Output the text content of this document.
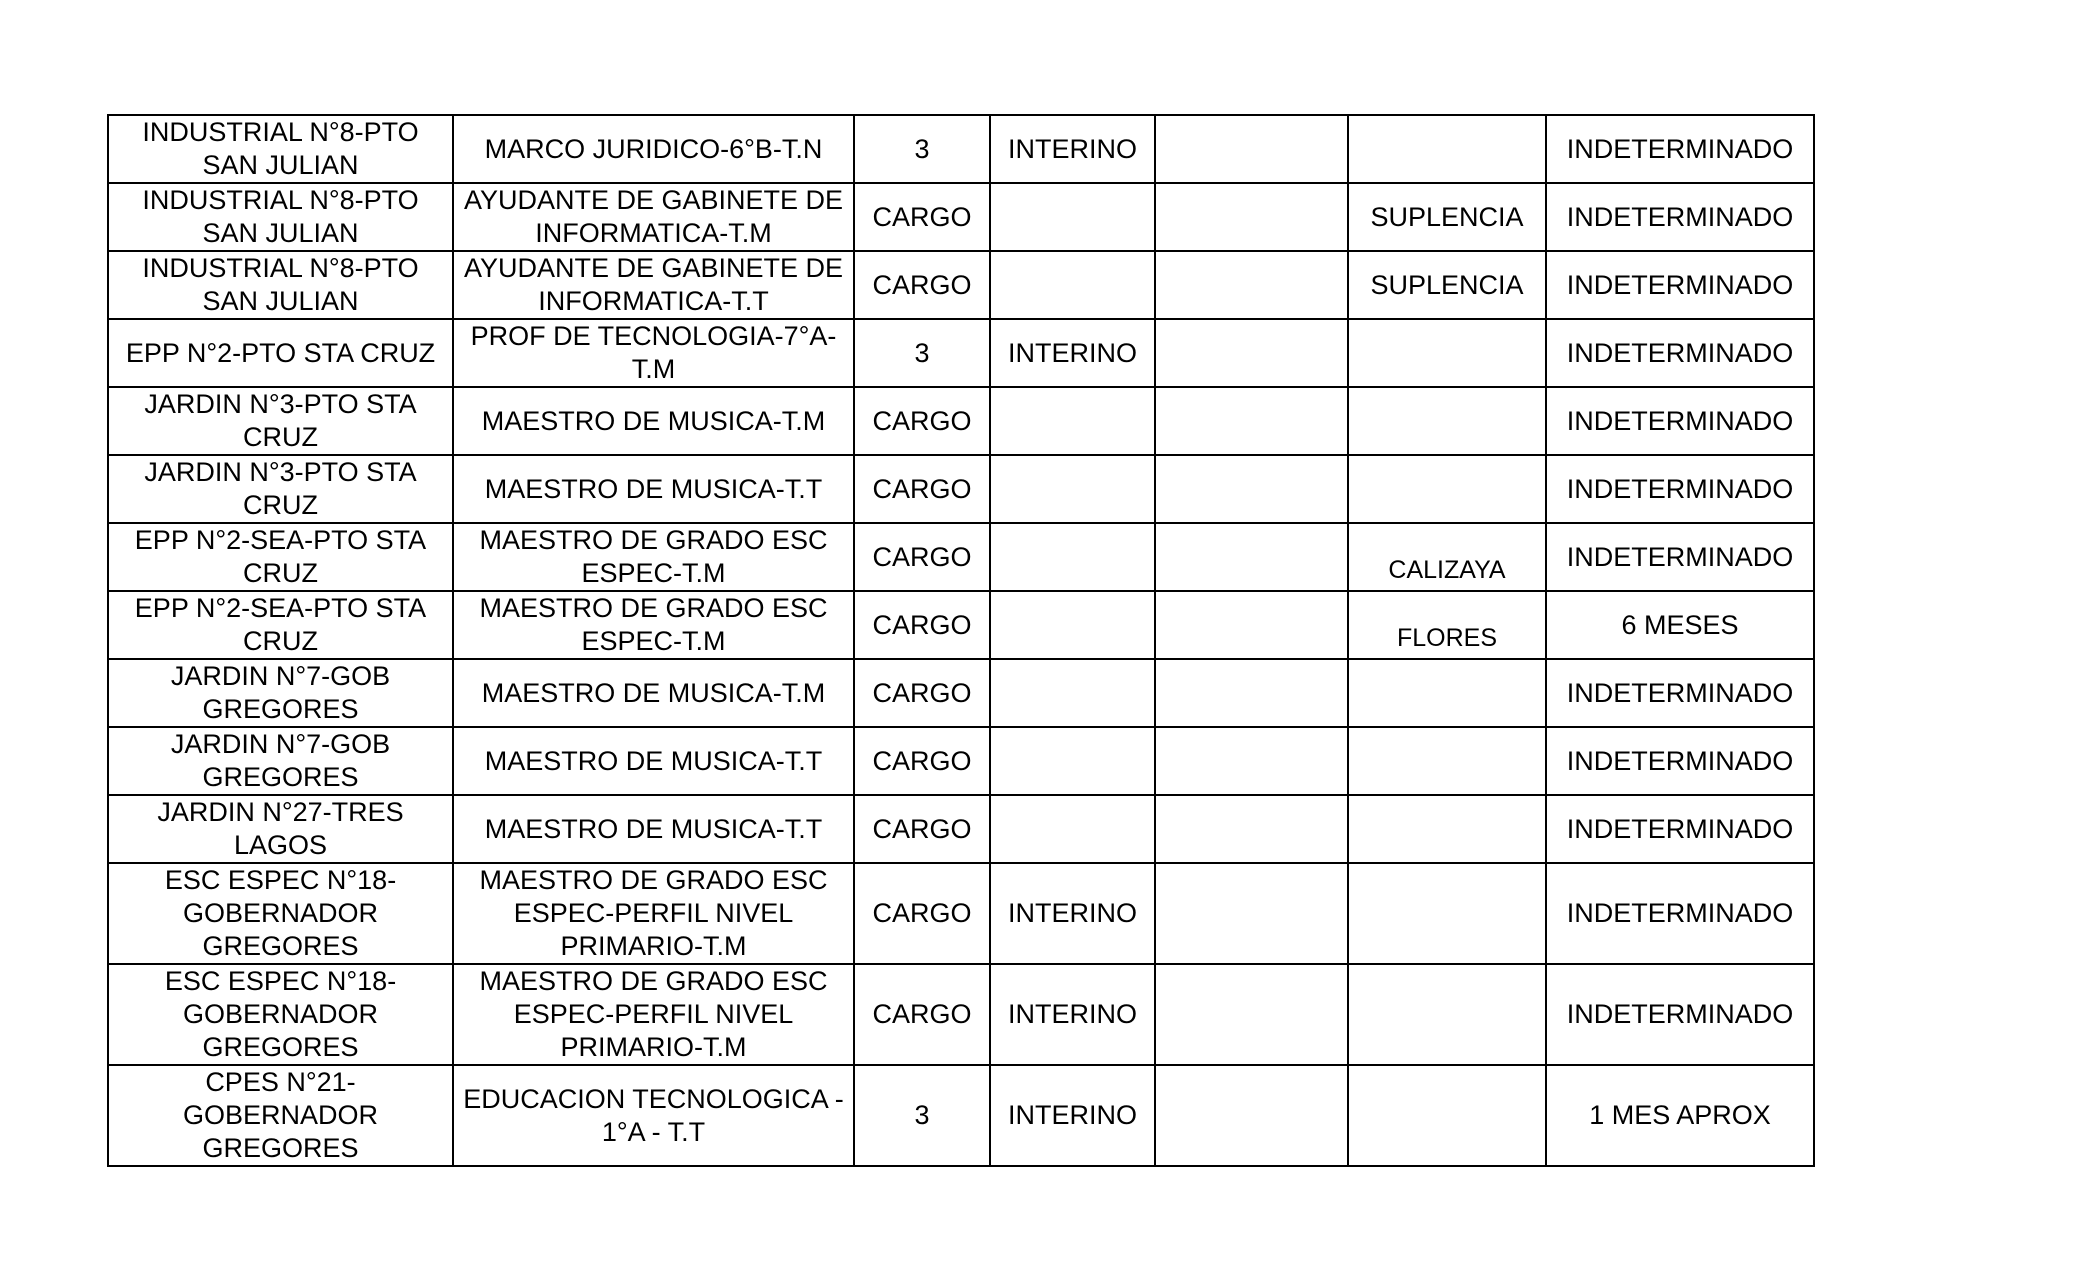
INDUSTRIAL N°8-PTO SAN JULIAN	MARCO JURIDICO-6°B-T.N	3	INTERINO			INDETERMINADO
INDUSTRIAL N°8-PTO SAN JULIAN	AYUDANTE DE GABINETE DE INFORMATICA-T.M	CARGO			SUPLENCIA	INDETERMINADO
INDUSTRIAL N°8-PTO SAN JULIAN	AYUDANTE DE GABINETE DE INFORMATICA-T.T	CARGO			SUPLENCIA	INDETERMINADO
EPP N°2-PTO STA CRUZ	PROF DE TECNOLOGIA-7°A-T.M	3	INTERINO			INDETERMINADO
JARDIN N°3-PTO STA CRUZ	MAESTRO DE MUSICA-T.M	CARGO				INDETERMINADO
JARDIN N°3-PTO STA CRUZ	MAESTRO DE MUSICA-T.T	CARGO				INDETERMINADO
EPP N°2-SEA-PTO STA CRUZ	MAESTRO DE GRADO ESC ESPEC-T.M	CARGO			CALIZAYA	INDETERMINADO
EPP N°2-SEA-PTO STA CRUZ	MAESTRO DE GRADO ESC ESPEC-T.M	CARGO			FLORES	6 MESES
JARDIN N°7-GOB GREGORES	MAESTRO DE MUSICA-T.M	CARGO				INDETERMINADO
JARDIN N°7-GOB GREGORES	MAESTRO DE MUSICA-T.T	CARGO				INDETERMINADO
JARDIN N°27-TRES LAGOS	MAESTRO DE MUSICA-T.T	CARGO				INDETERMINADO
ESC ESPEC N°18-GOBERNADOR GREGORES	MAESTRO DE GRADO ESC ESPEC-PERFIL NIVEL PRIMARIO-T.M	CARGO	INTERINO			INDETERMINADO
ESC ESPEC N°18-GOBERNADOR GREGORES	MAESTRO DE GRADO ESC ESPEC-PERFIL NIVEL PRIMARIO-T.M	CARGO	INTERINO			INDETERMINADO
CPES N°21-GOBERNADOR GREGORES	EDUCACION TECNOLOGICA - 1°A - T.T	3	INTERINO			1 MES APROX
